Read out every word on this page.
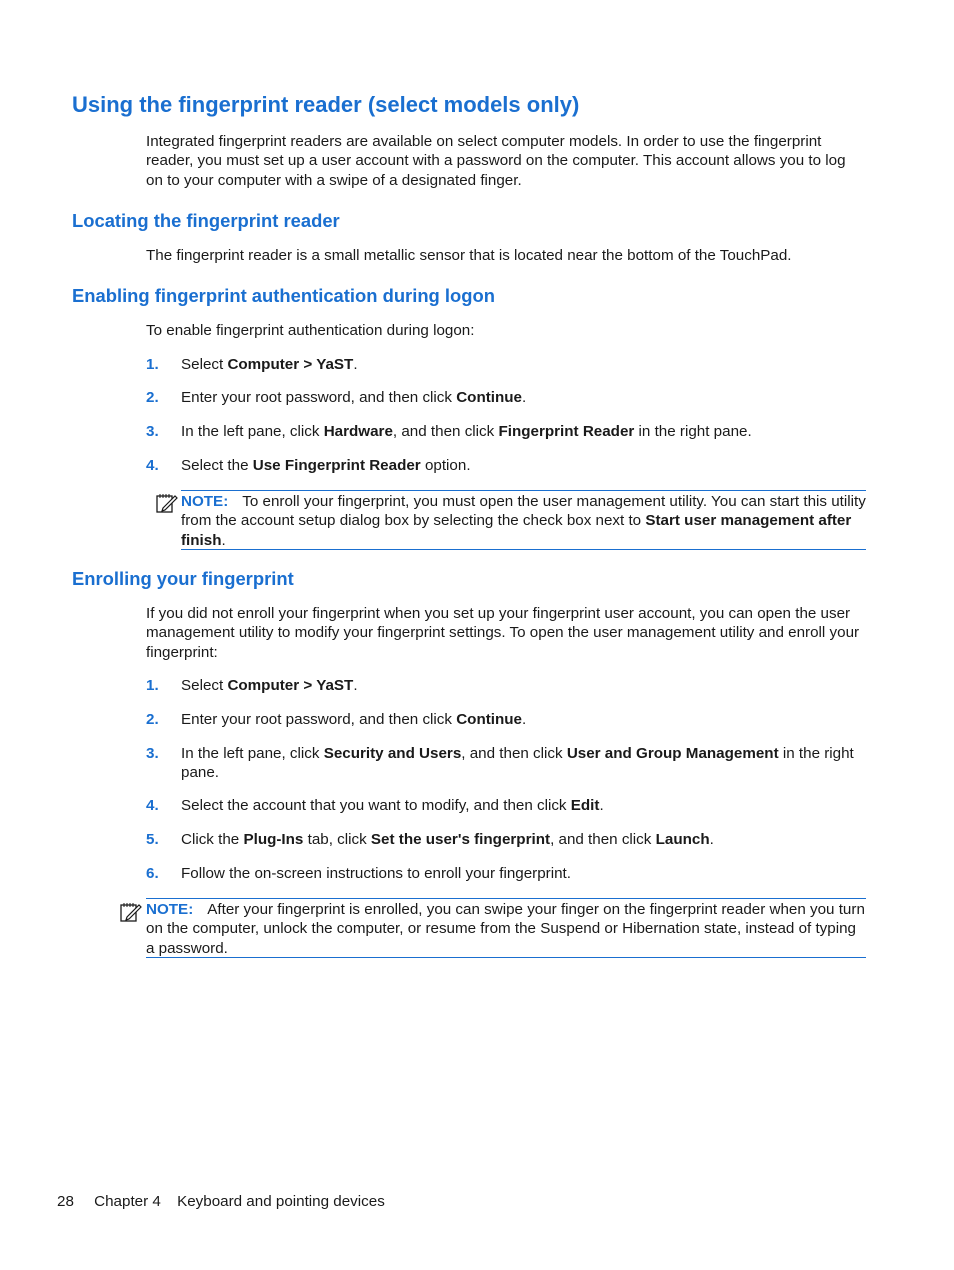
Using the fingerprint reader (select models only)

Integrated fingerprint readers are available on select computer models. In order to use the fingerprint reader, you must set up a user account with a password on the computer. This account allows you to log on to your computer with a swipe of a designated finger.

Locating the fingerprint reader

The fingerprint reader is a small metallic sensor that is located near the bottom of the TouchPad.

Enabling fingerprint authentication during logon

To enable fingerprint authentication during logon:

1. Select Computer > YaST.
2. Enter your root password, and then click Continue.
3. In the left pane, click Hardware, and then click Fingerprint Reader in the right pane.
4. Select the Use Fingerprint Reader option.

NOTE: To enroll your fingerprint, you must open the user management utility. You can start this utility from the account setup dialog box by selecting the check box next to Start user management after finish.

Enrolling your fingerprint

If you did not enroll your fingerprint when you set up your fingerprint user account, you can open the user management utility to modify your fingerprint settings. To open the user management utility and enroll your fingerprint:

1. Select Computer > YaST.
2. Enter your root password, and then click Continue.
3. In the left pane, click Security and Users, and then click User and Group Management in the right pane.
4. Select the account that you want to modify, and then click Edit.
5. Click the Plug-Ins tab, click Set the user's fingerprint, and then click Launch.
6. Follow the on-screen instructions to enroll your fingerprint.

NOTE: After your fingerprint is enrolled, you can swipe your finger on the fingerprint reader when you turn on the computer, unlock the computer, or resume from the Suspend or Hibernation state, instead of typing a password.

28 Chapter 4 Keyboard and pointing devices
